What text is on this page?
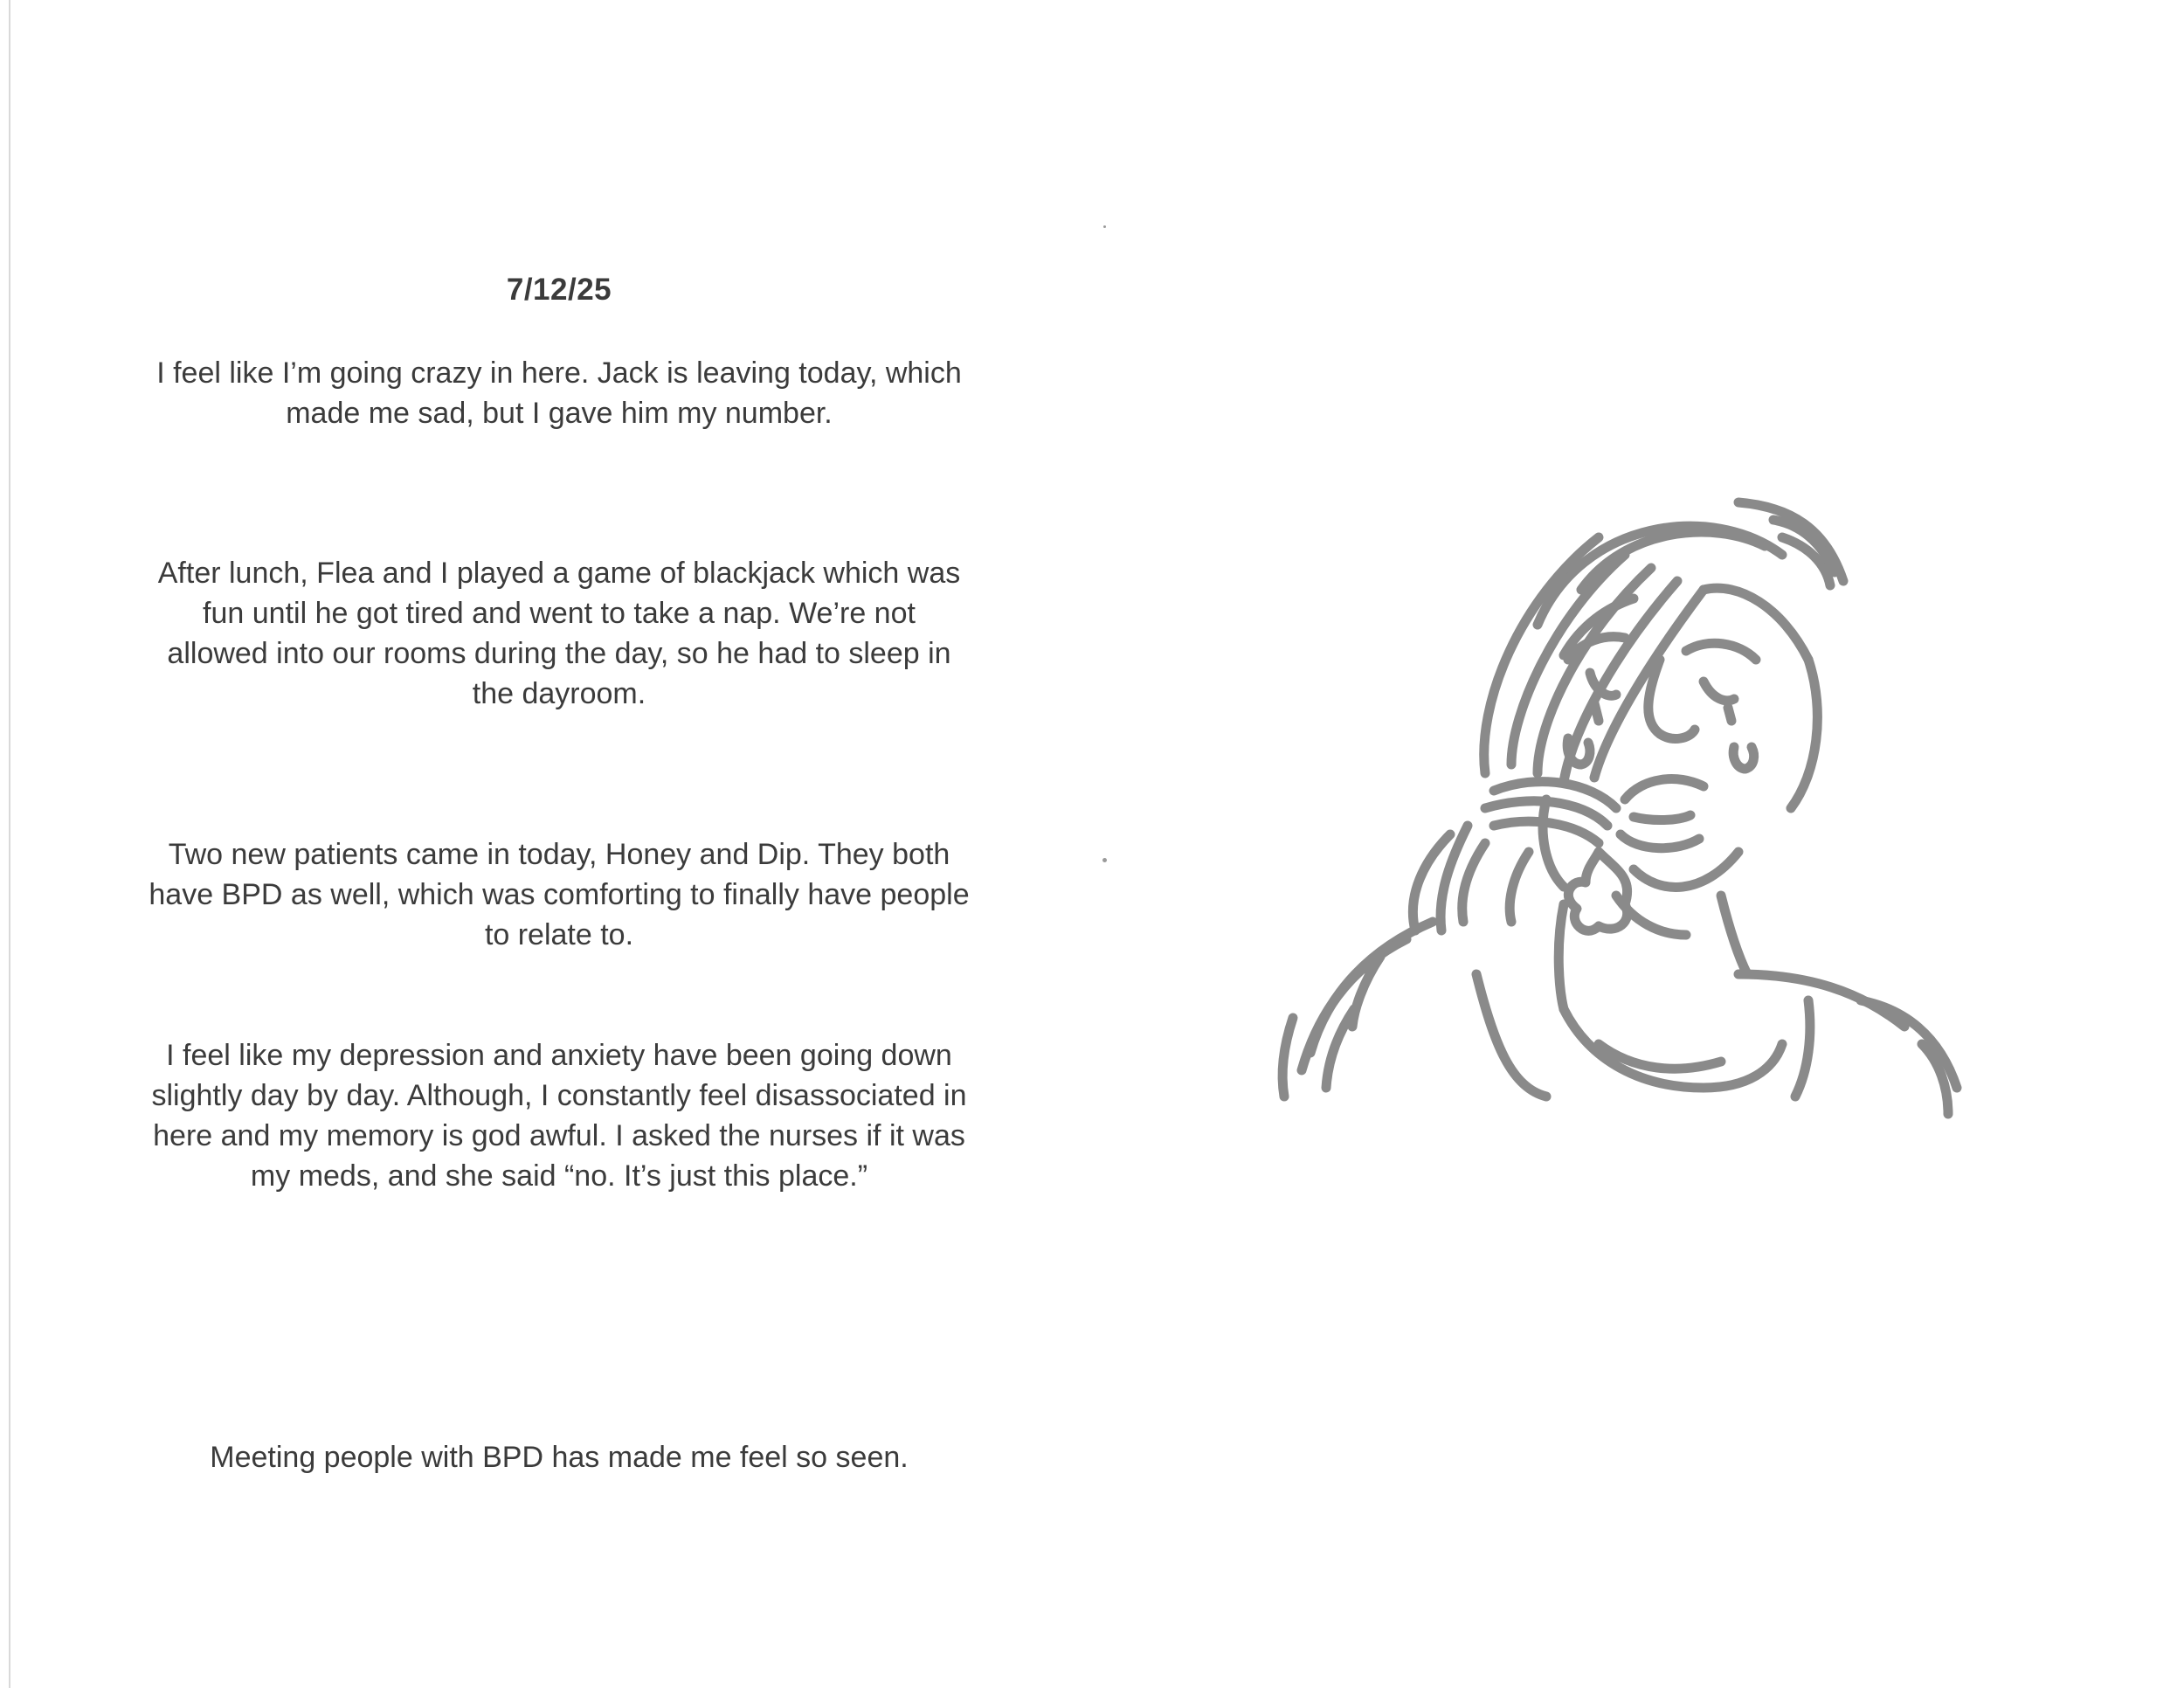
7/12/25

I feel like I’m going crazy in here. Jack is leaving today, which
made me sad, but I gave him my number.

After lunch, Flea and I played a game of blackjack which was
fun until he got tired and went to take a nap. We’re not
allowed into our rooms during the day, so he had to sleep in
the dayroom.

Two new patients came in today, Honey and Dip. They both
have BPD as well, which was comforting to finally have people
to relate to.

I feel like my depression and anxiety have been going down
slightly day by day. Although, I constantly feel disassociated in
here and my memory is god awful. I asked the nurses if it was
my meds, and she said “no. It’s just this place.”

Meeting people with BPD has made me feel so seen.
